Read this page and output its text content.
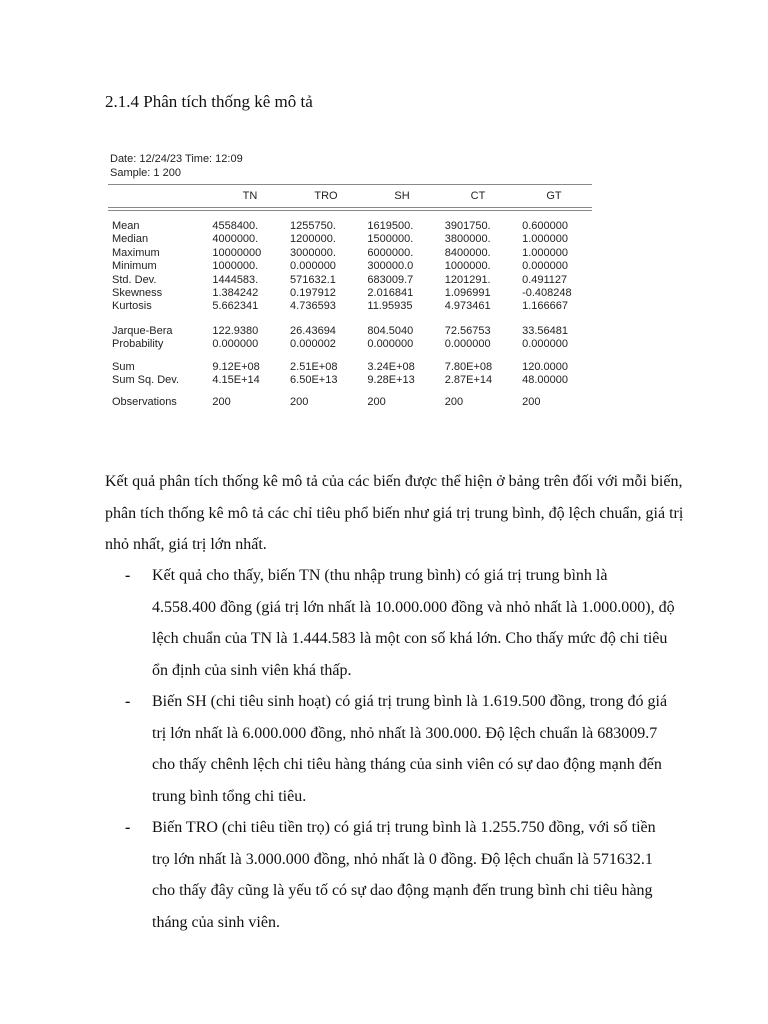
2.1.4 Phân tích thống kê mô tả
Date: 12/24/23 Time: 12:09
Sample: 1 200
	TN	TRO	SH	CT	GT

Mean	4558400.	1255750.	1619500.	3901750.	0.600000
Median	4000000.	1200000.	1500000.	3800000.	1.000000
Maximum	10000000	3000000.	6000000.	8400000.	1.000000
Minimum	1000000.	0.000000	300000.0	1000000.	0.000000
Std. Dev.	1444583.	571632.1	683009.7	1201291.	0.491127
Skewness	1.384242	0.197912	2.016841	1.096991	-0.408248
Kurtosis	5.662341	4.736593	11.95935	4.973461	1.166667

Jarque-Bera	122.9380	26.43694	804.5040	72.56753	33.56481
Probability	0.000000	0.000002	0.000000	0.000000	0.000000

Sum	9.12E+08	2.51E+08	3.24E+08	7.80E+08	120.0000
Sum Sq. Dev.	4.15E+14	6.50E+13	9.28E+13	2.87E+14	48.00000

Observations	200	200	200	200	200

Kết quả phân tích thống kê mô tả của các biến được thể hiện ở bảng trên đối với mỗi biến, phân tích thống kê mô tả các chỉ tiêu phổ biến như giá trị trung bình, độ lệch chuẩn, giá trị nhỏ nhất, giá trị lớn nhất.

- Kết quả cho thấy, biến TN (thu nhập trung bình) có giá trị trung bình là 4.558.400 đồng (giá trị lớn nhất là 10.000.000 đồng và nhỏ nhất là 1.000.000), độ lệch chuẩn của TN là 1.444.583 là một con số khá lớn. Cho thấy mức độ chi tiêu ổn định của sinh viên khá thấp.
- Biến SH (chi tiêu sinh hoạt) có giá trị trung bình là 1.619.500 đồng, trong đó giá trị lớn nhất là 6.000.000 đồng, nhỏ nhất là 300.000. Độ lệch chuẩn là 683009.7 cho thấy chênh lệch chi tiêu hàng tháng của sinh viên có sự dao động mạnh đến trung bình tổng chi tiêu.
- Biến TRO (chi tiêu tiền trọ) có giá trị trung bình là 1.255.750 đồng, với số tiền trọ lớn nhất là 3.000.000 đồng, nhỏ nhất là 0 đồng. Độ lệch chuẩn là 571632.1 cho thấy đây cũng là yếu tố có sự dao động mạnh đến trung bình chi tiêu hàng tháng của sinh viên.
